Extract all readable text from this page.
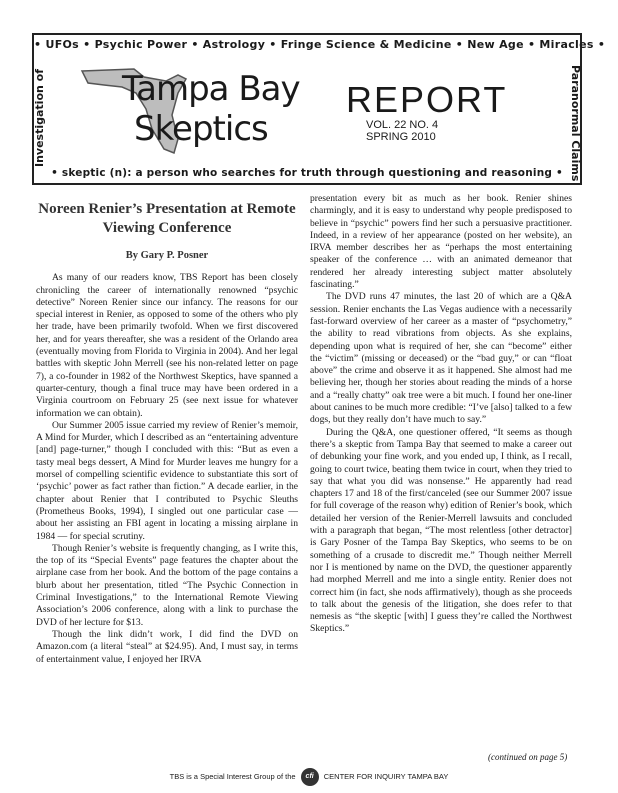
• UFOs • Psychic Power • Astrology • Fringe Science & Medicine • New Age • Miracles •
Investigation of	Paranormal Claims
Tampa Bay
Skeptics
REPORT
VOL. 22 NO. 4
SPRING 2010
• skeptic (n): a person who searches for truth through questioning and reasoning •
Noreen Renier’s Presentation at Remote Viewing Conference
By Gary P. Posner

As many of our readers know, TBS Report has been closely chronicling the career of internationally renowned “psychic detective” Noreen Renier since our infancy. The reasons for our special interest in Renier, as opposed to some of the others who ply her trade, have been primarily twofold. When we first discovered her, and for years thereafter, she was a resident of the Orlando area (eventually moving from Florida to Virginia in 2004). And her legal battles with skeptic John Merrell (see his non-related letter on page 7), a co-founder in 1982 of the Northwest Skeptics, have spanned a quarter-century, though a final truce may have been ordered in a Virginia courtroom on February 25 (see next issue for whatever information we can obtain).

Our Summer 2005 issue carried my review of Renier’s memoir, A Mind for Murder, which I described as an “entertaining adventure [and] page-turner,” though I concluded with this: “But as even a tasty meal begs dessert, A Mind for Murder leaves me hungry for a morsel of compelling scientific evidence to substantiate this sort of ‘psychic’ power as fact rather than fiction.” A decade earlier, in the chapter about Renier that I contributed to Psychic Sleuths (Prometheus Books, 1994), I singled out one particular case — about her assisting an FBI agent in locating a missing airplane in 1984 — for special scrutiny.

Though Renier’s website is frequently changing, as I write this, the top of its “Special Events” page features the chapter about the airplane case from her book. And the bottom of the page contains a blurb about her presentation, titled “The Psychic Connection in Criminal Investigations,” to the International Remote Viewing Association’s 2006 conference, along with a link to purchase the DVD of her lecture for $13.

Though the link didn’t work, I did find the DVD on Amazon.com (a literal “steal” at $24.95). And, I must say, in terms of entertainment value, I enjoyed her IRVA

presentation every bit as much as her book. Renier shines charmingly, and it is easy to understand why people predisposed to believe in “psychic” powers find her such a persuasive practitioner. Indeed, in a review of her appearance (posted on her website), an IRVA member describes her as “perhaps the most entertaining speaker of the conference … with an animated demeanor that rendered her already interesting subject matter absolutely fascinating.”

The DVD runs 47 minutes, the last 20 of which are a Q&A session. Renier enchants the Las Vegas audience with a necessarily fast-forward overview of her career as a master of “psychometry,” the ability to read vibrations from objects. As she explains, depending upon what is required of her, she can “become” either the “victim” (missing or deceased) or the “bad guy,” or can “float above” the crime and observe it as it happened. She almost had me believing her, though her stories about reading the minds of a horse and a “really chatty” oak tree were a bit much. I found her one-liner about canines to be much more credible: “I’ve [also] talked to a few dogs, but they really don’t have much to say.”

During the Q&A, one questioner offered, “It seems as though there’s a skeptic from Tampa Bay that seemed to make a career out of debunking your fine work, and you ended up, I think, as I recall, going to court twice, beating them twice in court, when they tried to say that what you did was nonsense.” He apparently had read chapters 17 and 18 of the first/canceled (see our Summer 2007 issue for full coverage of the reason why) edition of Renier’s book, which detailed her version of the Renier-Merrell lawsuits and concluded with a paragraph that began, “The most relentless [other detractor] is Gary Posner of the Tampa Bay Skeptics, who seems to be on something of a crusade to discredit me.” Though neither Merrell nor I is mentioned by name on the DVD, the questioner apparently had morphed Merrell and me into a single entity. Renier does not correct him (in fact, she nods affirmatively), though as she proceeds to talk about the genesis of the litigation, she does refer to that nemesis as “the skeptic [with] I guess they’re called the Northwest Skeptics.”

(continued on page 5)
TBS is a Special Interest Group of the cfi CENTER FOR INQUIRY TAMPA BAY
